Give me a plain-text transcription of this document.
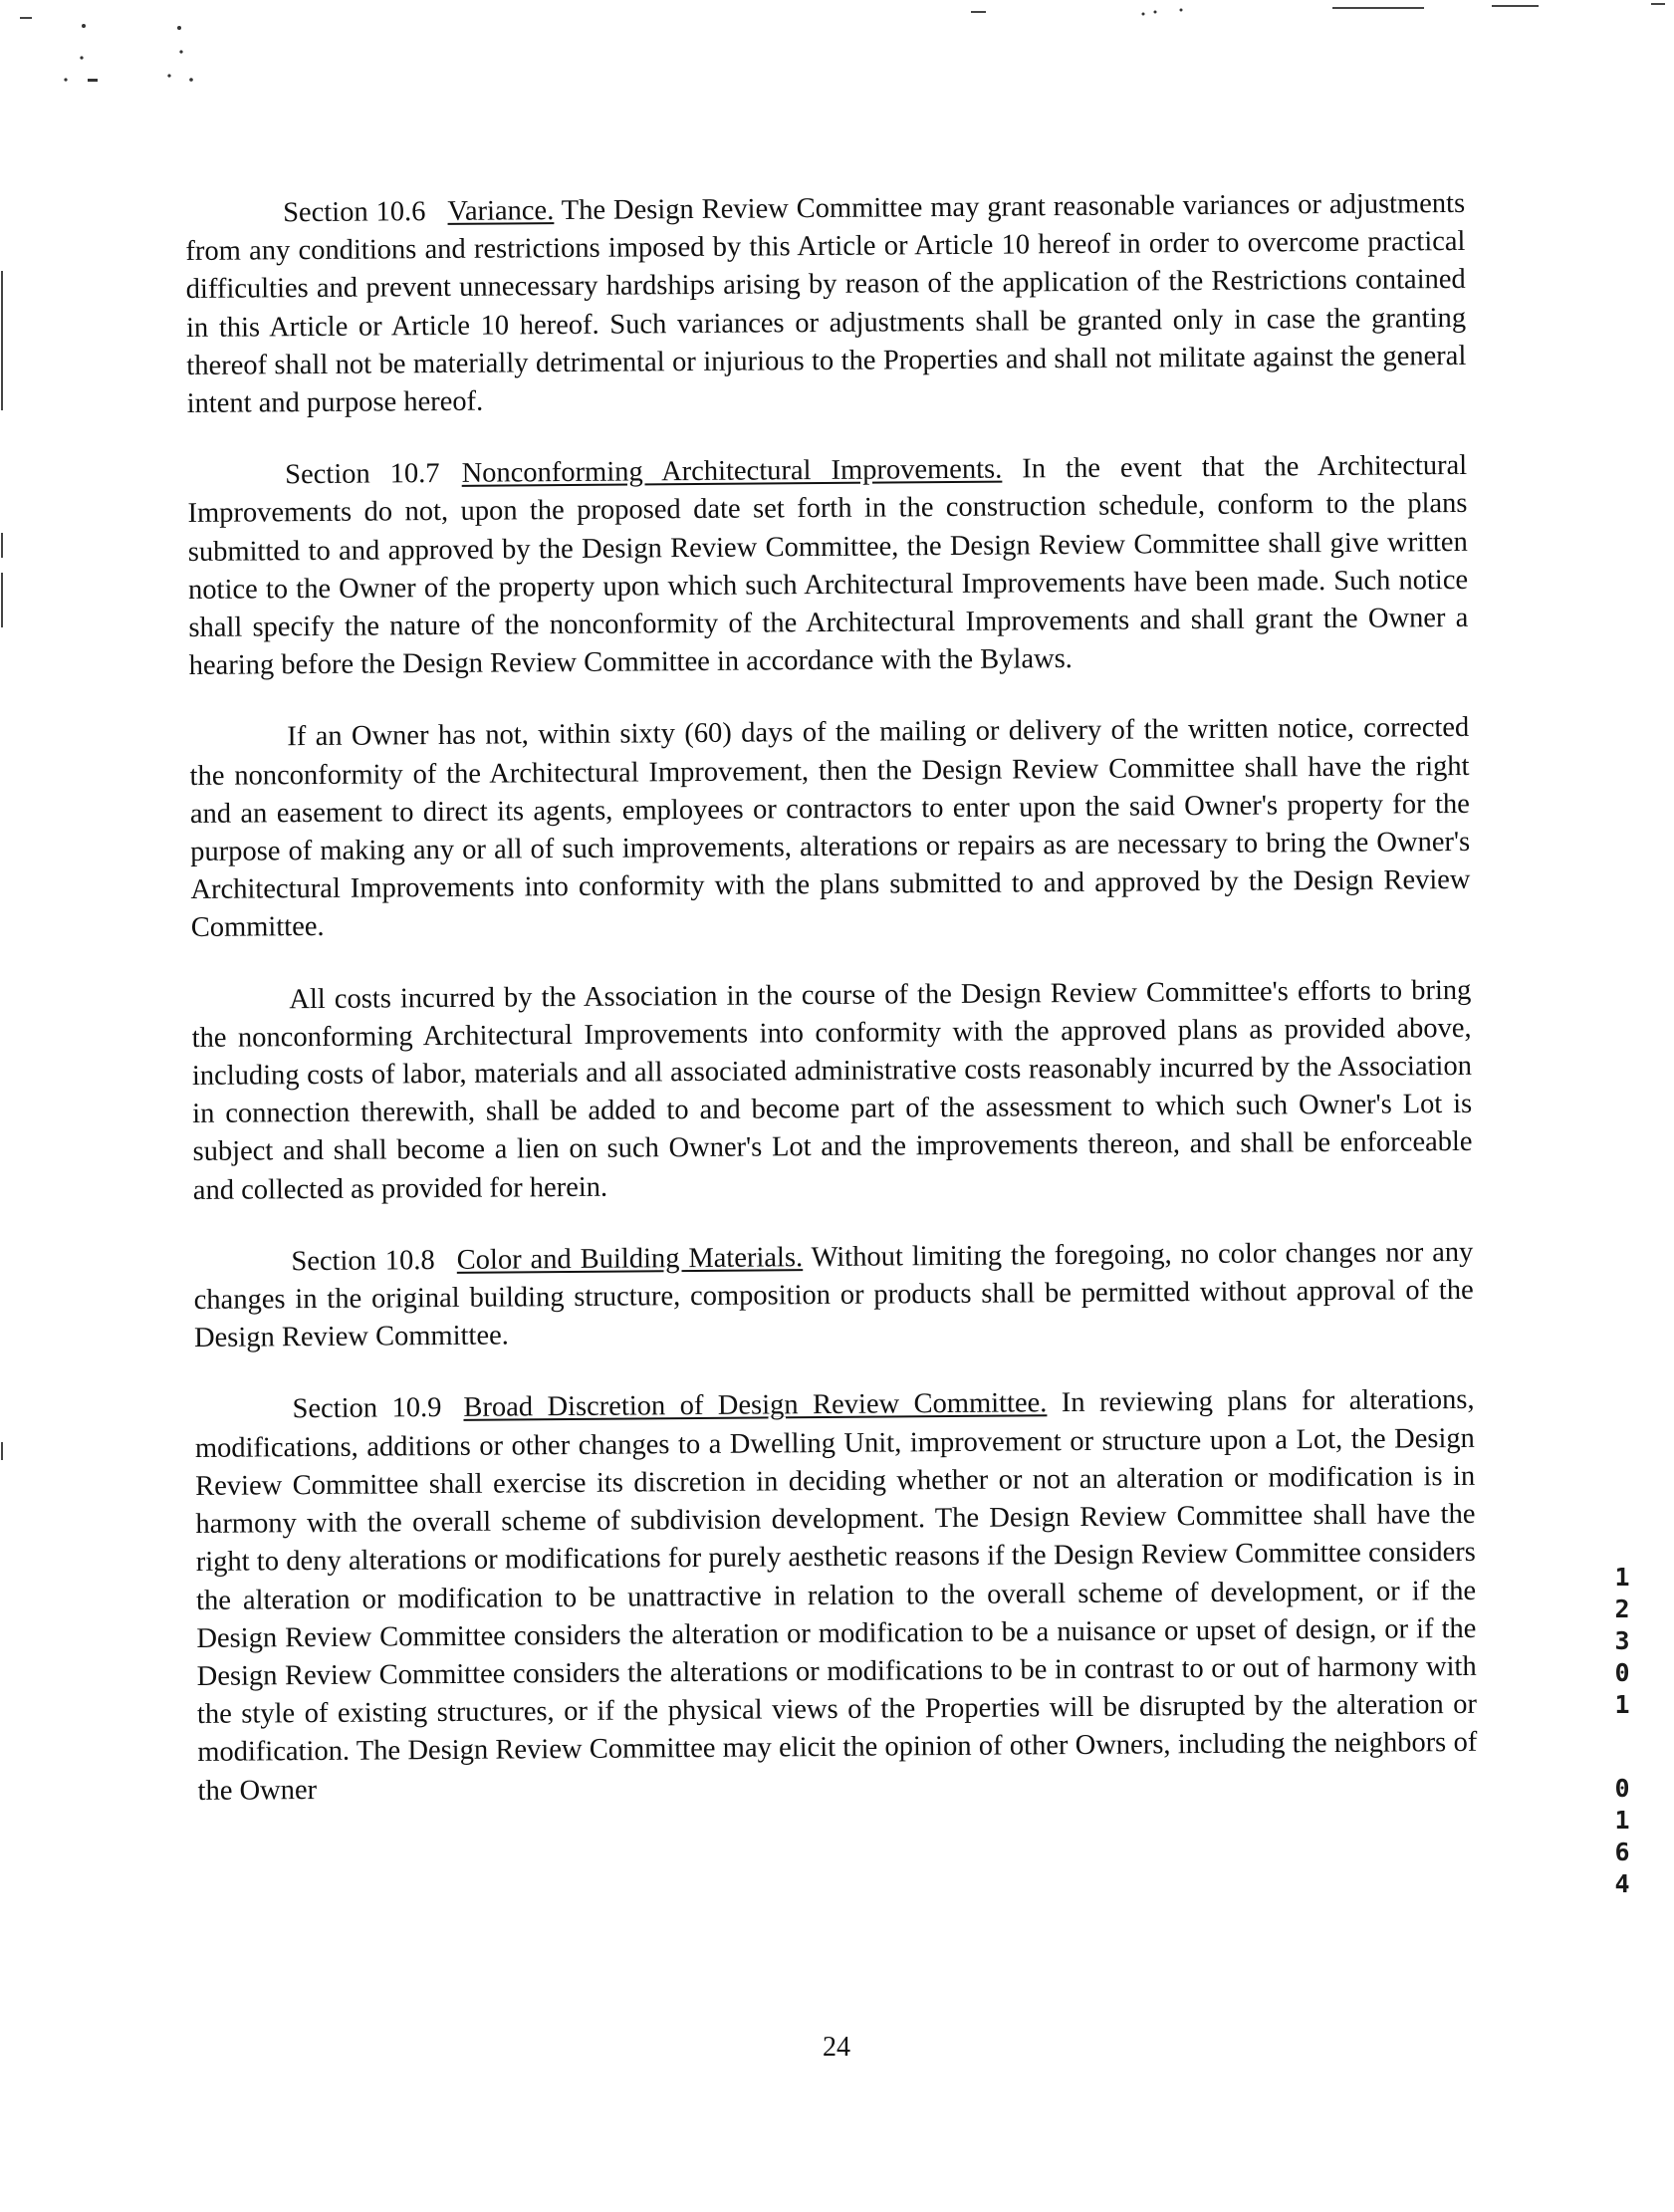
Section 10.6 Variance. The Design Review Committee may grant reasonable variances or adjustments from any conditions and restrictions imposed by this Article or Article 10 hereof in order to overcome practical difficulties and prevent unnecessary hardships arising by reason of the application of the Restrictions contained in this Article or Article 10 hereof. Such variances or adjustments shall be granted only in case the granting thereof shall not be materially detrimental or injurious to the Properties and shall not militate against the general intent and purpose hereof.

Section 10.7 Nonconforming Architectural Improvements. In the event that the Architectural Improvements do not, upon the proposed date set forth in the construction schedule, conform to the plans submitted to and approved by the Design Review Committee, the Design Review Committee shall give written notice to the Owner of the property upon which such Architectural Improvements have been made. Such notice shall specify the nature of the nonconformity of the Architectural Improvements and shall grant the Owner a hearing before the Design Review Committee in accordance with the Bylaws.

If an Owner has not, within sixty (60) days of the mailing or delivery of the written notice, corrected the nonconformity of the Architectural Improvement, then the Design Review Committee shall have the right and an easement to direct its agents, employees or contractors to enter upon the said Owner's property for the purpose of making any or all of such improvements, alterations or repairs as are necessary to bring the Owner's Architectural Improvements into conformity with the plans submitted to and approved by the Design Review Committee.

All costs incurred by the Association in the course of the Design Review Committee's efforts to bring the nonconforming Architectural Improvements into conformity with the approved plans as provided above, including costs of labor, materials and all associated administrative costs reasonably incurred by the Association in connection therewith, shall be added to and become part of the assessment to which such Owner's Lot is subject and shall become a lien on such Owner's Lot and the improvements thereon, and shall be enforceable and collected as provided for herein.

Section 10.8 Color and Building Materials. Without limiting the foregoing, no color changes nor any changes in the original building structure, composition or products shall be permitted without approval of the Design Review Committee.

Section 10.9 Broad Discretion of Design Review Committee. In reviewing plans for alterations, modifications, additions or other changes to a Dwelling Unit, improvement or structure upon a Lot, the Design Review Committee shall exercise its discretion in deciding whether or not an alteration or modification is in harmony with the overall scheme of subdivision development. The Design Review Committee shall have the right to deny alterations or modifications for purely aesthetic reasons if the Design Review Committee considers the alteration or modification to be unattractive in relation to the overall scheme of development, or if the Design Review Committee considers the alteration or modification to be a nuisance or upset of design, or if the Design Review Committee considers the alterations or modifications to be in contrast to or out of harmony with the style of existing structures, or if the physical views of the Properties will be disrupted by the alteration or modification. The Design Review Committee may elicit the opinion of other Owners, including the neighbors of the Owner

24
1
2
3
0
1
0
1
6
4
